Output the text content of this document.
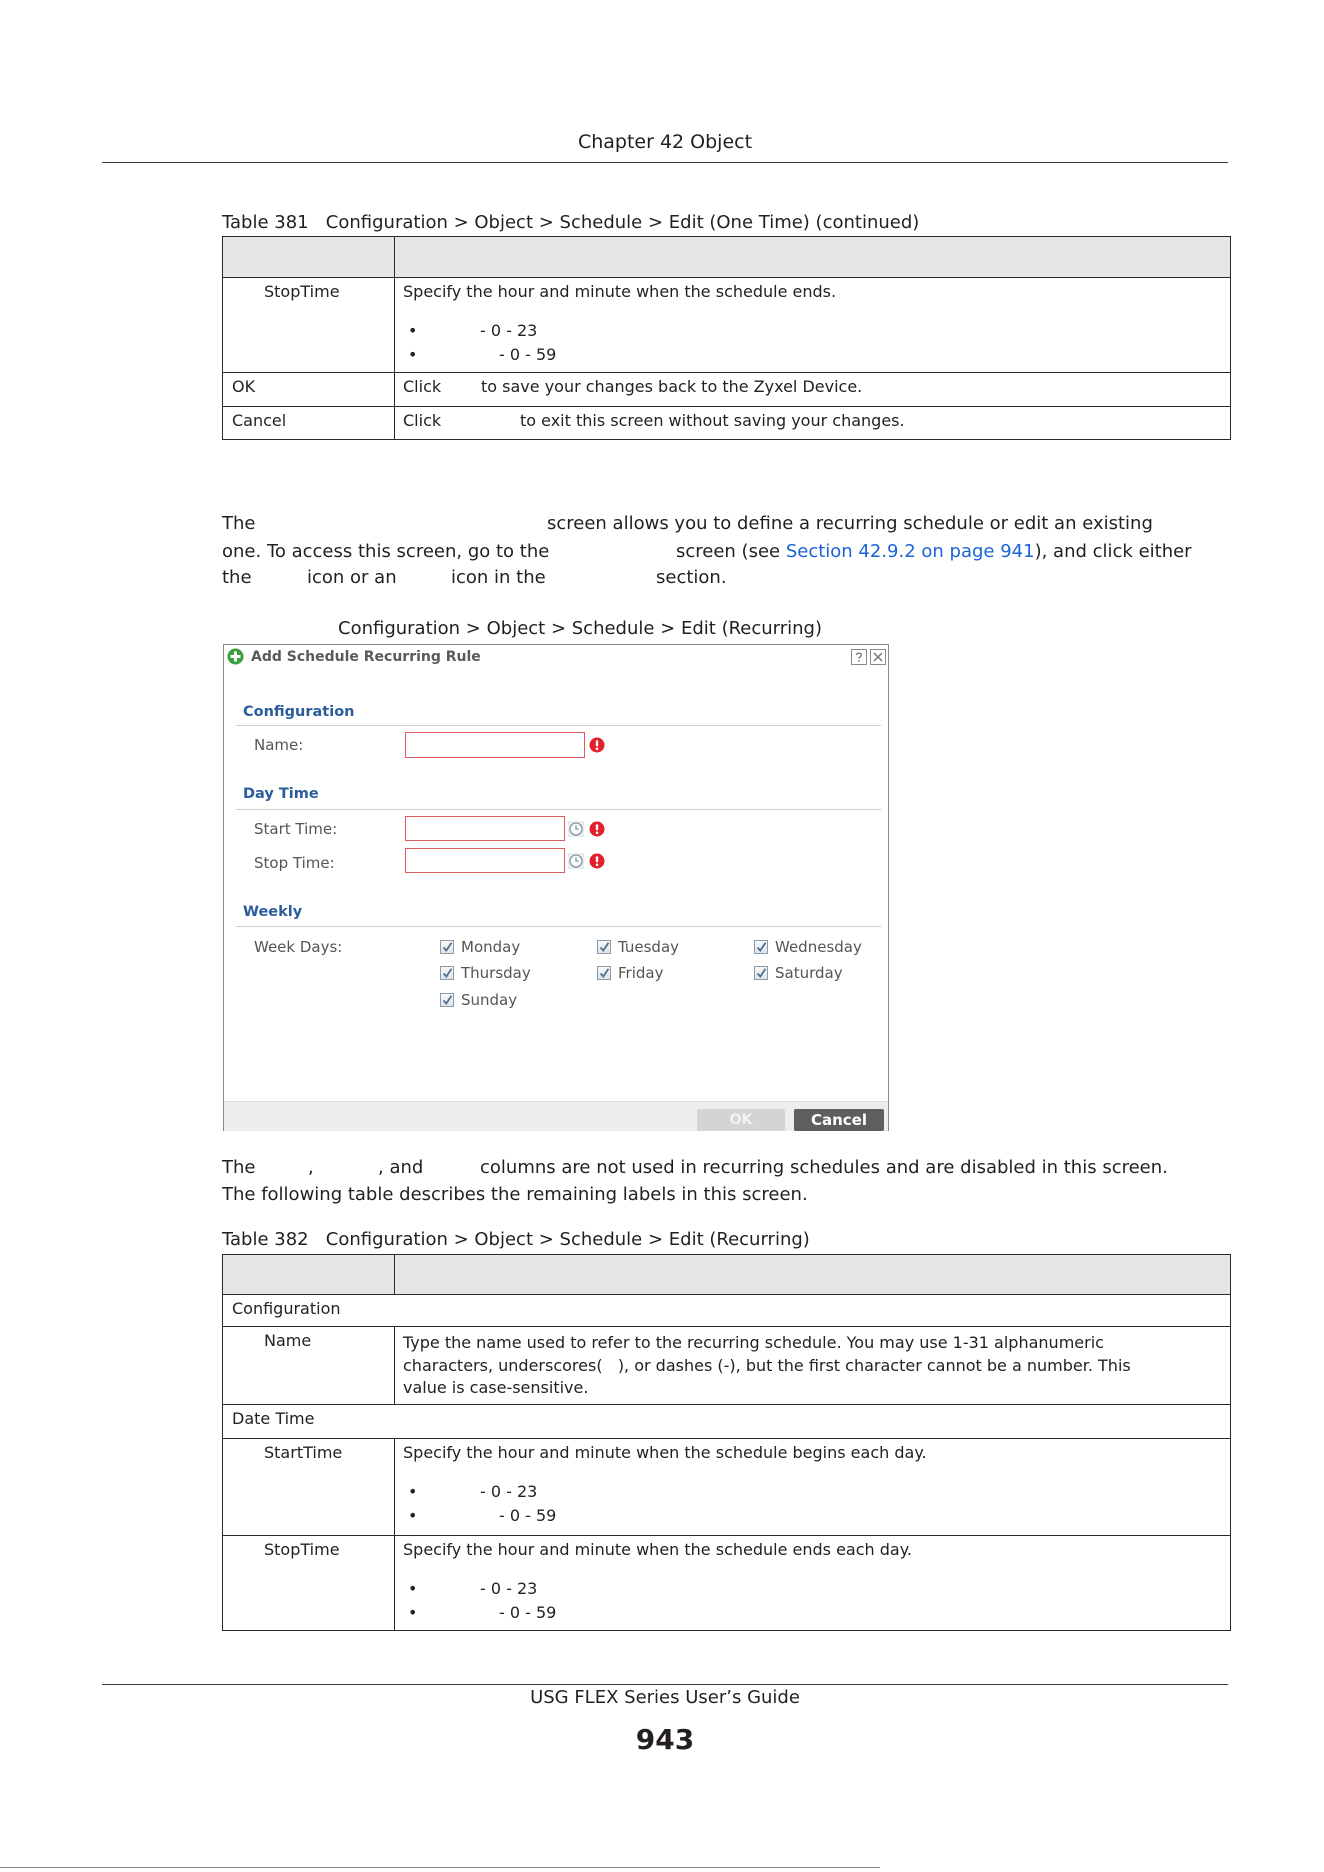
Chapter 42 Object
Table 381   Configuration > Object > Schedule > Edit (One Time) (continued)

StopTime	Specify the hour and minute when the schedule ends.
• - 0 - 23
• - 0 - 59

OK	Click to save your changes back to the Zyxel Device.
Cancel	Click to exit this screen without saving your changes.
The	screen allows you to define a recurring schedule or edit an existing
one. To access this screen, go to the	screen (see Section 42.9.2 on page 941), and click either
the	icon or an	icon in the	section.
Configuration > Object > Schedule > Edit (Recurring)
Add Schedule Recurring Rule
Configuration
Name:
Day Time
Start Time:
Stop Time:
Weekly
Week Days:	Monday	Tuesday	Wednesday
Thursday	Friday	Saturday
Sunday
OK	Cancel
The	,	, and	columns are not used in recurring schedules and are disabled in this screen.
The following table describes the remaining labels in this screen.
Table 382   Configuration > Object > Schedule > Edit (Recurring)

Configuration	
Name	Type the name used to refer to the recurring schedule. You may use 1-31 alphanumeric
characters, underscores(   ), or dashes (-), but the first character cannot be a number. This
value is case-sensitive.

Date Time	
StartTime	Specify the hour and minute when the schedule begins each day.
• - 0 - 23
• - 0 - 59

StopTime	Specify the hour and minute when the schedule ends each day.
• - 0 - 23
• - 0 - 59
USG FLEX Series User’s Guide
943
